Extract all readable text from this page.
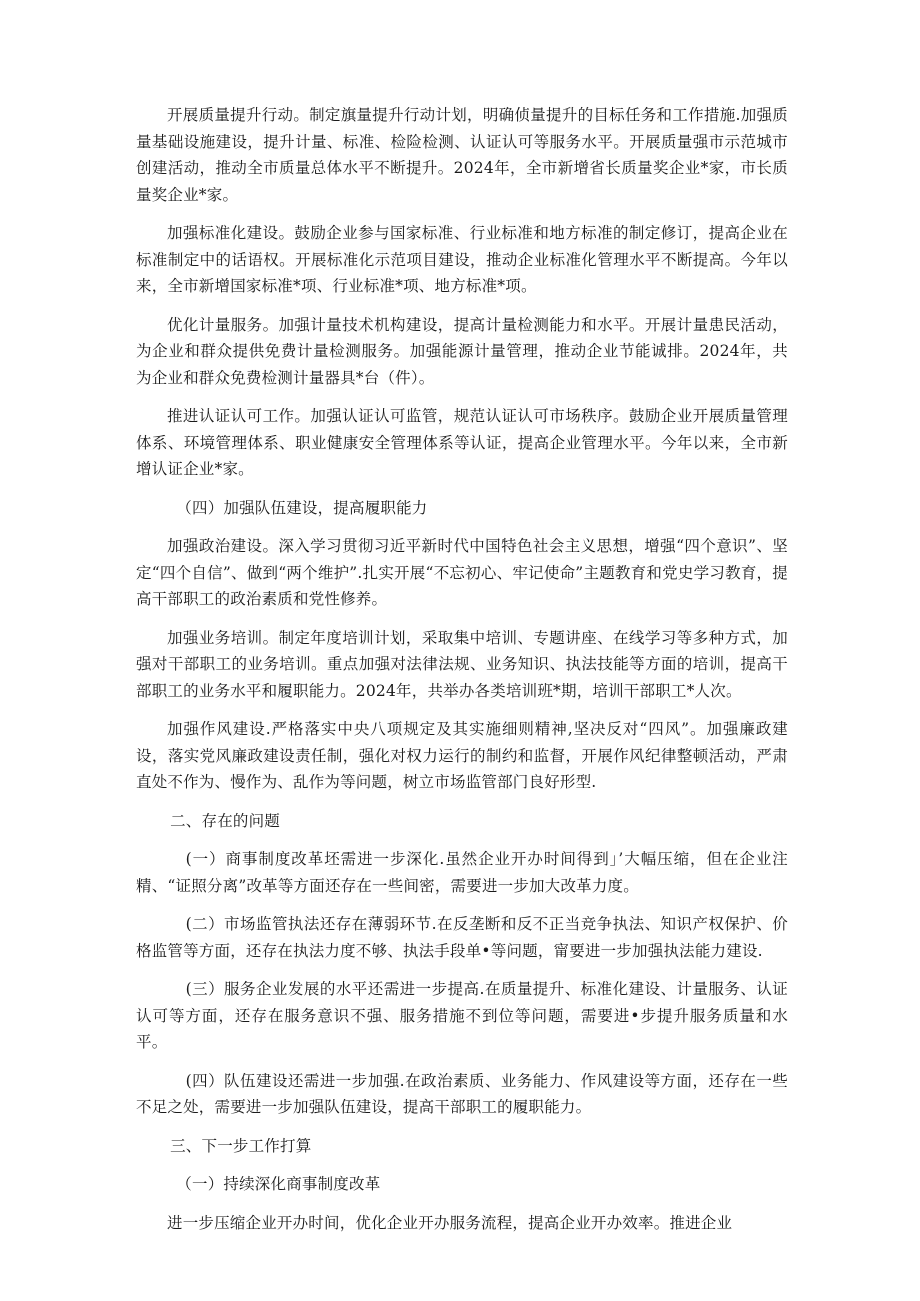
开展质量提升行动。制定旗量提升行动计划，明确侦量提升的目标任务和工作措施.加强质量基础设施建设，提升计量、标准、检险检测、认证认可等服务水平。开展质量强市示范城市创建活动，推动全市质量总体水平不断提升。2024年，全市新增省长质量奖企业*家，市长质量奖企业*家。

加强标准化建设。鼓励企业参与国家标准、行业标准和地方标准的制定修订，提高企业在标准制定中的话语权。开展标准化示范项目建设，推动企业标准化管理水平不断提高。今年以来，全市新增国家标准*项、行业标准*项、地方标准*项。

优化计量服务。加强计量技术机构建设，提高计量检测能力和水平。开展计量患民活动，为企业和群众提供免费计量检测服务。加强能源计量管理，推动企业节能诚排。2024年，共为企业和群众免费检测计量器具*台（件）。

推进认证认可工作。加强认证认可监管，规范认证认可市场秩序。鼓励企业开展质量管理体系、环境管理体系、职业健康安全管理体系等认证，提高企业管理水平。今年以来，全市新增认证企业*家。

（四）加强队伍建设，提高履职能力

加强政治建设。深入学习贯彻习近平新时代中国特色社会主义思想，增强“四个意识”、坚定“四个自信”、做到“两个维护”.扎实开展“不忘初心、牢记使命”主题教育和党史学习教育，提高干部职工的政治素质和党性修养。

加强业务培训。制定年度培训计划，采取集中培训、专题讲座、在线学习等多种方式，加强对干部职工的业务培训。重点加强对法律法规、业务知识、执法技能等方面的培训，提高干部职工的业务水平和履职能力。2024年，共举办各类培训班*期，培训干部职工*人次。

加强作风建设.严格落实中央八项规定及其实施细则精神,坚决反对“四风”。加强廉政建设，落实党风廉政建设责任制，强化对权力运行的制约和监督，开展作风纪律整顿活动，严肃直处不作为、慢作为、乱作为等问题，树立市场监管部门良好形型.

二、存在的问题

(一）商事制度改革坯需进一步深化.虽然企业开办时间得到」’大幅压缩，但在企业注精、“证照分离”改革等方面还存在一些间密，需要进一步加大改革力度。

(二）市场监管执法还存在薄弱环节.在反垄断和反不正当竞争执法、知识产权保护、价格监管等方面，还存在执法力度不够、执法手段单•等问题，甯要进一步加强执法能力建设.

(三）服务企业发展的水平还需进一步提高.在质量提升、标准化建设、计量服务、认证认可等方面，还存在服务意识不强、服务措施不到位等问题，需要进•步提升服务质量和水平。

(四）队伍建设还需进一步加强.在政治素质、业务能力、作风建设等方面，还存在一些不足之处，需要进一步加强队伍建设，提高干部职工的履职能力。

三、下一步工作打算

（一）持续深化商事制度改革

进一步压缩企业开办时间，优化企业开办服务流程，提高企业开办效率。推进企业
